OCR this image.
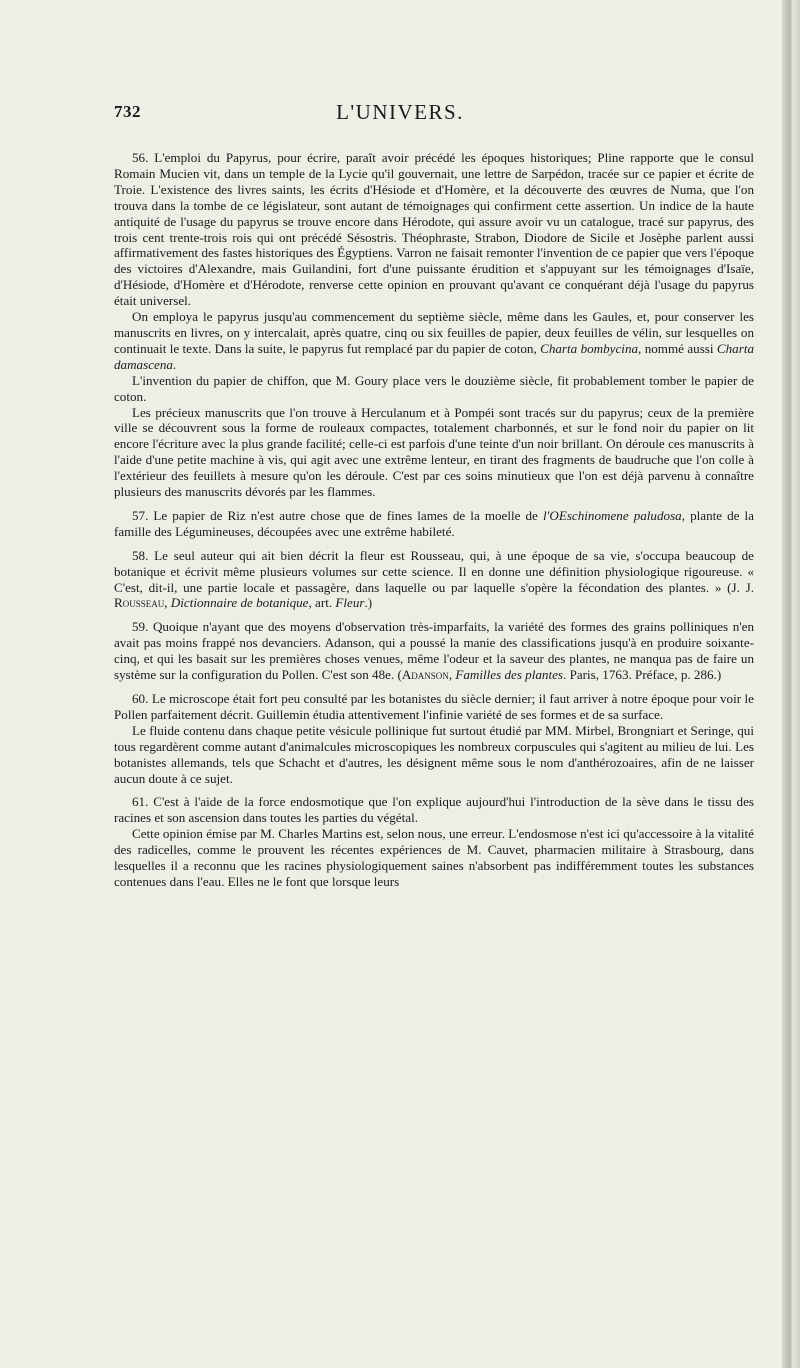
732	L'UNIVERS.

56. L'emploi du Papyrus, pour écrire, paraît avoir précédé les époques historiques; Pline rapporte que le consul Romain Mucien vit, dans un temple de la Lycie qu'il gouvernait, une lettre de Sarpédon, tracée sur ce papier et écrite de Troie. L'existence des livres saints, les écrits d'Hésiode et d'Homère, et la découverte des œuvres de Numa, que l'on trouva dans la tombe de ce législateur, sont autant de témoignages qui confirment cette assertion. Un indice de la haute antiquité de l'usage du papyrus se trouve encore dans Hérodote, qui assure avoir vu un catalogue, tracé sur papyrus, des trois cent trente-trois rois qui ont précédé Sésostris. Théophraste, Strabon, Diodore de Sicile et Josèphe parlent aussi affirmativement des fastes historiques des Égyptiens. Varron ne faisait remonter l'invention de ce papier que vers l'époque des victoires d'Alexandre, mais Guilandini, fort d'une puissante érudition et s'appuyant sur les témoignages d'Isaïe, d'Hésiode, d'Homère et d'Hérodote, renverse cette opinion en prouvant qu'avant ce conquérant déjà l'usage du papyrus était universel.

On employa le papyrus jusqu'au commencement du septième siècle, même dans les Gaules, et, pour conserver les manuscrits en livres, on y intercalait, après quatre, cinq ou six feuilles de papier, deux feuilles de vélin, sur lesquelles on continuait le texte. Dans la suite, le papyrus fut remplacé par du papier de coton, Charta bombycina, nommé aussi Charta damascena.

L'invention du papier de chiffon, que M. Goury place vers le douzième siècle, fit probablement tomber le papier de coton.

Les précieux manuscrits que l'on trouve à Herculanum et à Pompéi sont tracés sur du papyrus; ceux de la première ville se découvrent sous la forme de rouleaux compactes, totalement charbonnés, et sur le fond noir du papier on lit encore l'écriture avec la plus grande facilité; celle-ci est parfois d'une teinte d'un noir brillant. On déroule ces manuscrits à l'aide d'une petite machine à vis, qui agit avec une extrême lenteur, en tirant des fragments de baudruche que l'on colle à l'extérieur des feuillets à mesure qu'on les déroule. C'est par ces soins minutieux que l'on est déjà parvenu à connaître plusieurs des manuscrits dévorés par les flammes.

57. Le papier de Riz n'est autre chose que de fines lames de la moelle de l'OEschinomene paludosa, plante de la famille des Légumineuses, découpées avec une extrême habileté.

58. Le seul auteur qui ait bien décrit la fleur est Rousseau, qui, à une époque de sa vie, s'occupa beaucoup de botanique et écrivit même plusieurs volumes sur cette science. Il en donne une définition physiologique rigoureuse. « C'est, dit-il, une partie locale et passagère, dans laquelle ou par laquelle s'opère la fécondation des plantes. » (J. J. Rousseau, Dictionnaire de botanique, art. Fleur.)

59. Quoique n'ayant que des moyens d'observation très-imparfaits, la variété des formes des grains polliniques n'en avait pas moins frappé nos devanciers. Adanson, qui a poussé la manie des classifications jusqu'à en produire soixante-cinq, et qui les basait sur les premières choses venues, même l'odeur et la saveur des plantes, ne manqua pas de faire un système sur la configuration du Pollen. C'est son 48e. (Adanson, Familles des plantes. Paris, 1763. Préface, p. 286.)

60. Le microscope était fort peu consulté par les botanistes du siècle dernier; il faut arriver à notre époque pour voir le Pollen parfaitement décrit. Guillemin étudia attentivement l'infinie variété de ses formes et de sa surface.

Le fluide contenu dans chaque petite vésicule pollinique fut surtout étudié par MM. Mirbel, Brongniart et Seringe, qui tous regardèrent comme autant d'animalcules microscopiques les nombreux corpuscules qui s'agitent au milieu de lui. Les botanistes allemands, tels que Schacht et d'autres, les désignent même sous le nom d'anthérozoaires, afin de ne laisser aucun doute à ce sujet.

61. C'est à l'aide de la force endosmotique que l'on explique aujourd'hui l'introduction de la sève dans le tissu des racines et son ascension dans toutes les parties du végétal.

Cette opinion émise par M. Charles Martins est, selon nous, une erreur. L'endosmose n'est ici qu'accessoire à la vitalité des radicelles, comme le prouvent les récentes expériences de M. Cauvet, pharmacien militaire à Strasbourg, dans lesquelles il a reconnu que les racines physiologiquement saines n'absorbent pas indifféremment toutes les substances contenues dans l'eau. Elles ne le font que lorsque leurs
